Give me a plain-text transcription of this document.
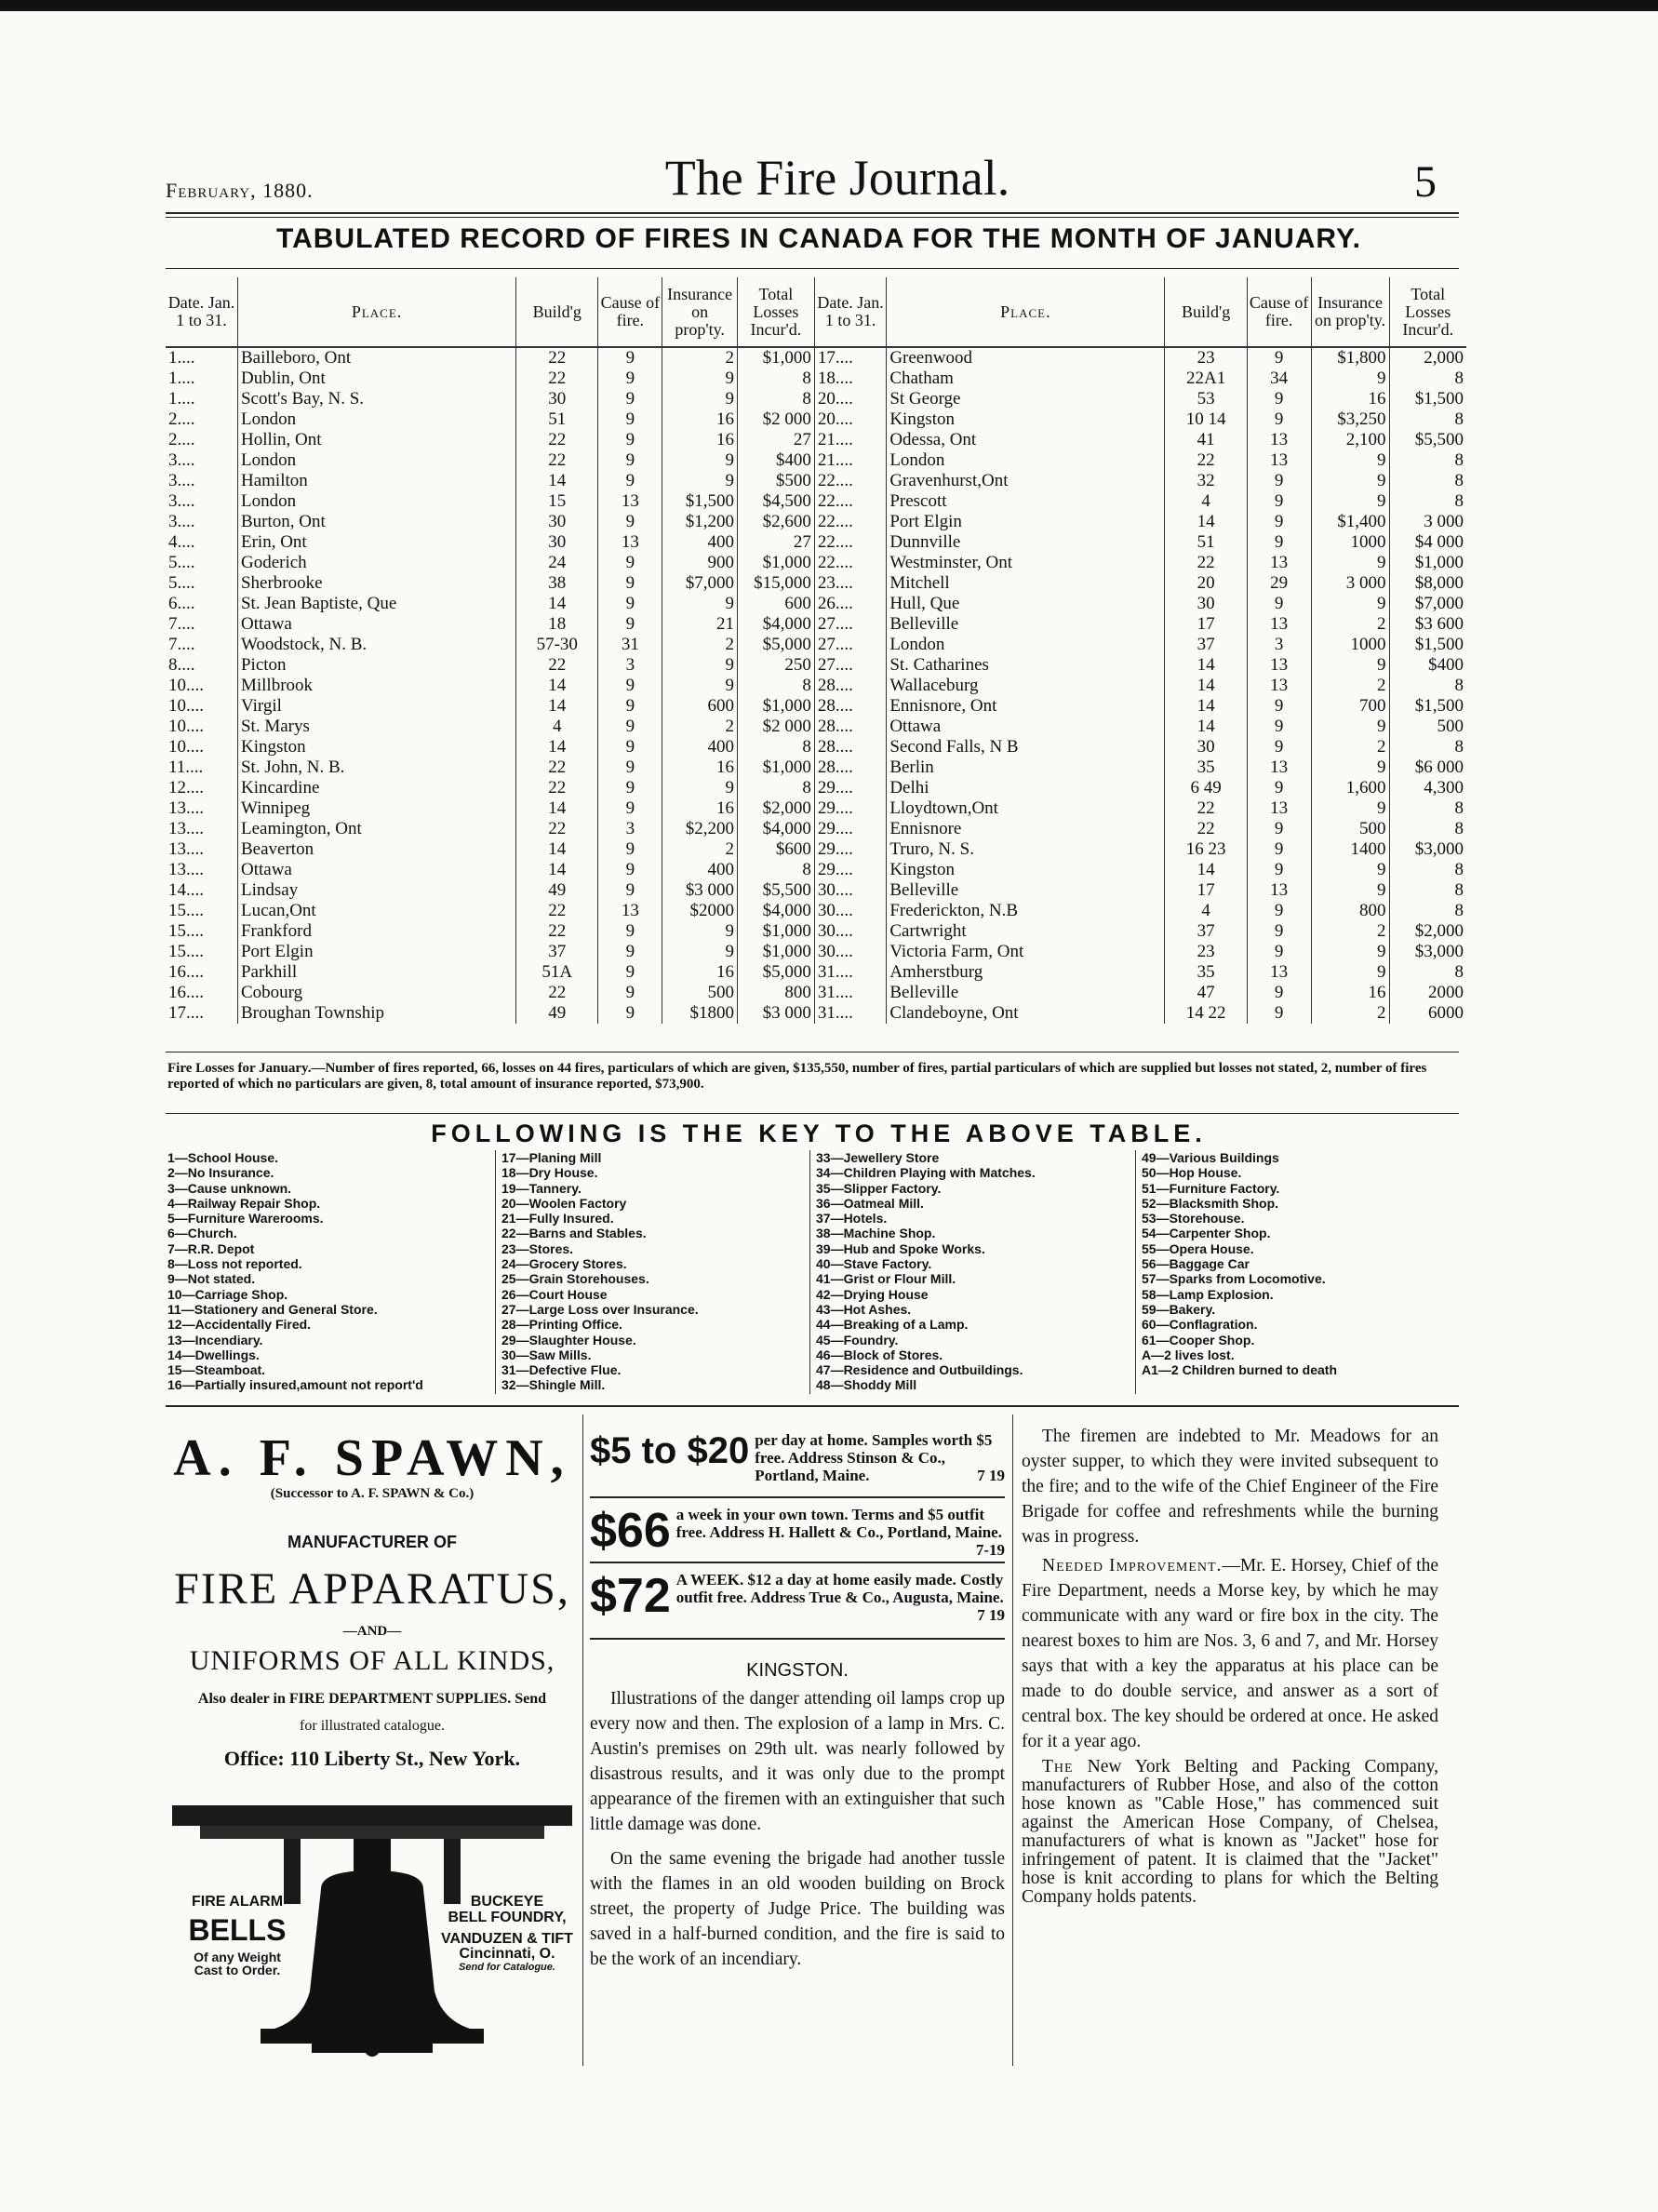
February, 1880.	The Fire Journal.	5
TABULATED RECORD OF FIRES IN CANADA FOR THE MONTH OF JANUARY.
Date. Jan. 1 to 31.	Place.	Build'g	Cause of fire.	Insurance on prop'ty.	Total Losses Incur'd.	Date. Jan. 1 to 31.	Place.	Build'g	Cause of fire.	Insurance on prop'ty.	Total Losses Incur'd.
1....	Bailleboro, Ont	22	9	2	$1,000	17....	Greenwood	23	9	$1,800	2,000
1....	Dublin, Ont	22	9	9	8	18....	Chatham	22A1	34	9	8
1....	Scott's Bay, N. S.	30	9	9	8	20....	St George	53	9	16	$1,500
2....	London	51	9	16	$2 000	20....	Kingston	10 14	9	$3,250	8
2....	Hollin, Ont	22	9	16	27	21....	Odessa, Ont	41	13	2,100	$5,500
3....	London	22	9	9	$400	21....	London	22	13	9	8
3....	Hamilton	14	9	9	$500	22....	Gravenhurst,Ont	32	9	9	8
3....	London	15	13	$1,500	$4,500	22....	Prescott	4	9	9	8
3....	Burton, Ont	30	9	$1,200	$2,600	22....	Port Elgin	14	9	$1,400	3 000
4....	Erin, Ont	30	13	400	27	22....	Dunnville	51	9	1000	$4 000
5....	Goderich	24	9	900	$1,000	22....	Westminster, Ont	22	13	9	$1,000
5....	Sherbrooke	38	9	$7,000	$15,000	23....	Mitchell	20	29	3 000	$8,000
6....	St. Jean Baptiste, Que	14	9	9	600	26....	Hull, Que	30	9	9	$7,000
7....	Ottawa	18	9	21	$4,000	27....	Belleville	17	13	2	$3 600
7....	Woodstock, N. B.	57-30	31	2	$5,000	27....	London	37	3	1000	$1,500
8....	Picton	22	3	9	250	27....	St. Catharines	14	13	9	$400
10....	Millbrook	14	9	9	8	28....	Wallaceburg	14	13	2	8
10....	Virgil	14	9	600	$1,000	28....	Ennisnore, Ont	14	9	700	$1,500
10....	St. Marys	4	9	2	$2 000	28....	Ottawa	14	9	9	500
10....	Kingston	14	9	400	8	28....	Second Falls, N B	30	9	2	8
11....	St. John, N. B.	22	9	16	$1,000	28....	Berlin	35	13	9	$6 000
12....	Kincardine	22	9	9	8	29....	Delhi	6 49	9	1,600	4,300
13....	Winnipeg	14	9	16	$2,000	29....	Lloydtown,Ont	22	13	9	8
13....	Leamington, Ont	22	3	$2,200	$4,000	29....	Ennisnore	22	9	500	8
13....	Beaverton	14	9	2	$600	29....	Truro, N. S.	16 23	9	1400	$3,000
13....	Ottawa	14	9	400	8	29....	Kingston	14	9	9	8
14....	Lindsay	49	9	$3 000	$5,500	30....	Belleville	17	13	9	8
15....	Lucan,Ont	22	13	$2000	$4,000	30....	Frederickton, N.B	4	9	800	8
15....	Frankford	22	9	9	$1,000	30....	Cartwright	37	9	2	$2,000
15....	Port Elgin	37	9	9	$1,000	30....	Victoria Farm, Ont	23	9	9	$3,000
16....	Parkhill	51A	9	16	$5,000	31....	Amherstburg	35	13	9	8
16....	Cobourg	22	9	500	800	31....	Belleville	47	9	16	2000
17....	Broughan Township	49	9	$1800	$3 000	31....	Clandeboyne, Ont	14 22	9	2	6000
Fire Losses for January.—Number of fires reported, 66, losses on 44 fires, particulars of which are given, $135,550, number of fires, partial particulars of which are supplied but losses not stated, 2, number of fires reported of which no particulars are given, 8, total amount of insurance reported, $73,900.
FOLLOWING IS THE KEY TO THE ABOVE TABLE.
1—School House.
2—No Insurance.
3—Cause unknown.
4—Railway Repair Shop.
5—Furniture Warerooms.
6—Church.
7—R.R. Depot
8—Loss not reported.
9—Not stated.
10—Carriage Shop.
11—Stationery and General Store.
12—Accidentally Fired.
13—Incendiary.
14—Dwellings.
15—Steamboat.
16—Partially insured,amount not report'd
17—Planing Mill
18—Dry House.
19—Tannery.
20—Woolen Factory
21—Fully Insured.
22—Barns and Stables.
23—Stores.
24—Grocery Stores.
25—Grain Storehouses.
26—Court House
27—Large Loss over Insurance.
28—Printing Office.
29—Slaughter House.
30—Saw Mills.
31—Defective Flue.
32—Shingle Mill.
33—Jewellery Store
34—Children Playing with Matches.
35—Slipper Factory.
36—Oatmeal Mill.
37—Hotels.
38—Machine Shop.
39—Hub and Spoke Works.
40—Stave Factory.
41—Grist or Flour Mill.
42—Drying House
43—Hot Ashes.
44—Breaking of a Lamp.
45—Foundry.
46—Block of Stores.
47—Residence and Outbuildings.
48—Shoddy Mill
49—Various Buildings
50—Hop House.
51—Furniture Factory.
52—Blacksmith Shop.
53—Storehouse.
54—Carpenter Shop.
55—Opera House.
56—Baggage Car
57—Sparks from Locomotive.
58—Lamp Explosion.
59—Bakery.
60—Conflagration.
61—Cooper Shop.
A—2 lives lost.
A1—2 Children burned to death
A. F. SPAWN,
(Successor to A. F. SPAWN & Co.)
MANUFACTURER OF
FIRE APPARATUS,
—AND—
UNIFORMS OF ALL KINDS,
Also dealer in FIRE DEPARTMENT SUPPLIES. Send
for illustrated catalogue.
Office: 110 Liberty St., New York.
FIRE ALARM
BELLS
Of any Weight
Cast to Order.
BUCKEYE
BELL FOUNDRY,
VANDUZEN & TIFT
Cincinnati, O.
Send for Catalogue.
$5 to $20 per day at home. Samples worth $5 free. Address Stinson & Co., Portland, Maine.	7 19
$66 a week in your own town. Terms and $5 outfit free. Address H. Hallett & Co., Portland, Maine.
7-19
$72 A WEEK. $12 a day at home easily made. Costly outfit free. Address True & Co., Augusta, Maine.
7 19
KINGSTON.

Illustrations of the danger attending oil lamps crop up every now and then. The explosion of a lamp in Mrs. C. Austin's premises on 29th ult. was nearly followed by disastrous results, and it was only due to the prompt appearance of the firemen with an extinguisher that such little damage was done.

On the same evening the brigade had another tussle with the flames in an old wooden building on Brock street, the property of Judge Price. The building was saved in a half-burned condition, and the fire is said to be the work of an incendiary.

The firemen are indebted to Mr. Meadows for an oyster supper, to which they were invited subsequent to the fire; and to the wife of the Chief Engineer of the Fire Brigade for coffee and refreshments while the burning was in progress.

Needed Improvement.—Mr. E. Horsey, Chief of the Fire Department, needs a Morse key, by which he may communicate with any ward or fire box in the city. The nearest boxes to him are Nos. 3, 6 and 7, and Mr. Horsey says that with a key the apparatus at his place can be made to do double service, and answer as a sort of central box. The key should be ordered at once. He asked for it a year ago.

The New York Belting and Packing Company, manufacturers of Rubber Hose, and also of the cotton hose known as "Cable Hose," has commenced suit against the American Hose Company, of Chelsea, manufacturers of what is known as "Jacket" hose for infringement of patent. It is claimed that the "Jacket" hose is knit according to plans for which the Belting Company holds patents.
